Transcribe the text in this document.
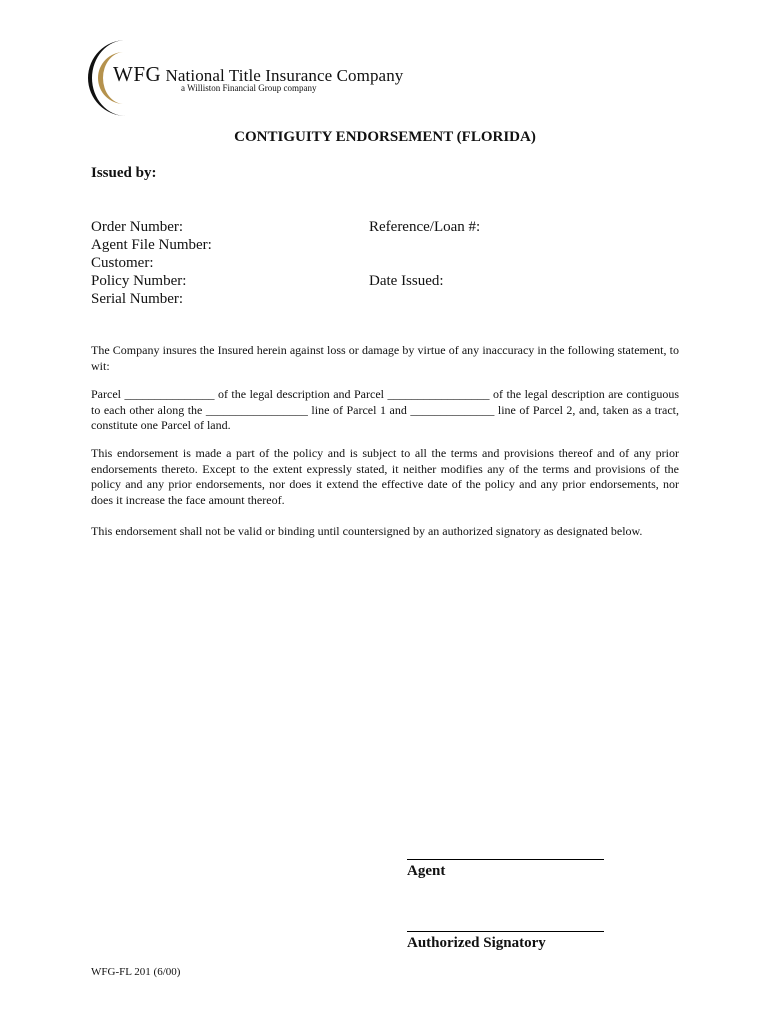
WFG National Title Insurance Company
a Williston Financial Group company
CONTIGUITY ENDORSEMENT (FLORIDA)
Issued by:
Order Number:
Agent File Number:
Customer:
Policy Number:
Serial Number:
Reference/Loan #:
Date Issued:
The Company insures the Insured herein against loss or damage by virtue of any inaccuracy in the following statement, to wit:
Parcel _______________ of the legal description and Parcel _________________ of the legal description are contiguous to each other along the _________________ line of Parcel 1 and ______________ line of Parcel 2, and, taken as a tract, constitute one Parcel of land.
This endorsement is made a part of the policy and is subject to all the terms and provisions thereof and of any prior endorsements thereto. Except to the extent expressly stated, it neither modifies any of the terms and provisions of the policy and any prior endorsements, nor does it extend the effective date of the policy and any prior endorsements, nor does it increase the face amount thereof.
This endorsement shall not be valid or binding until countersigned by an authorized signatory as designated below.
Agent
Authorized Signatory
WFG-FL 201 (6/00)
